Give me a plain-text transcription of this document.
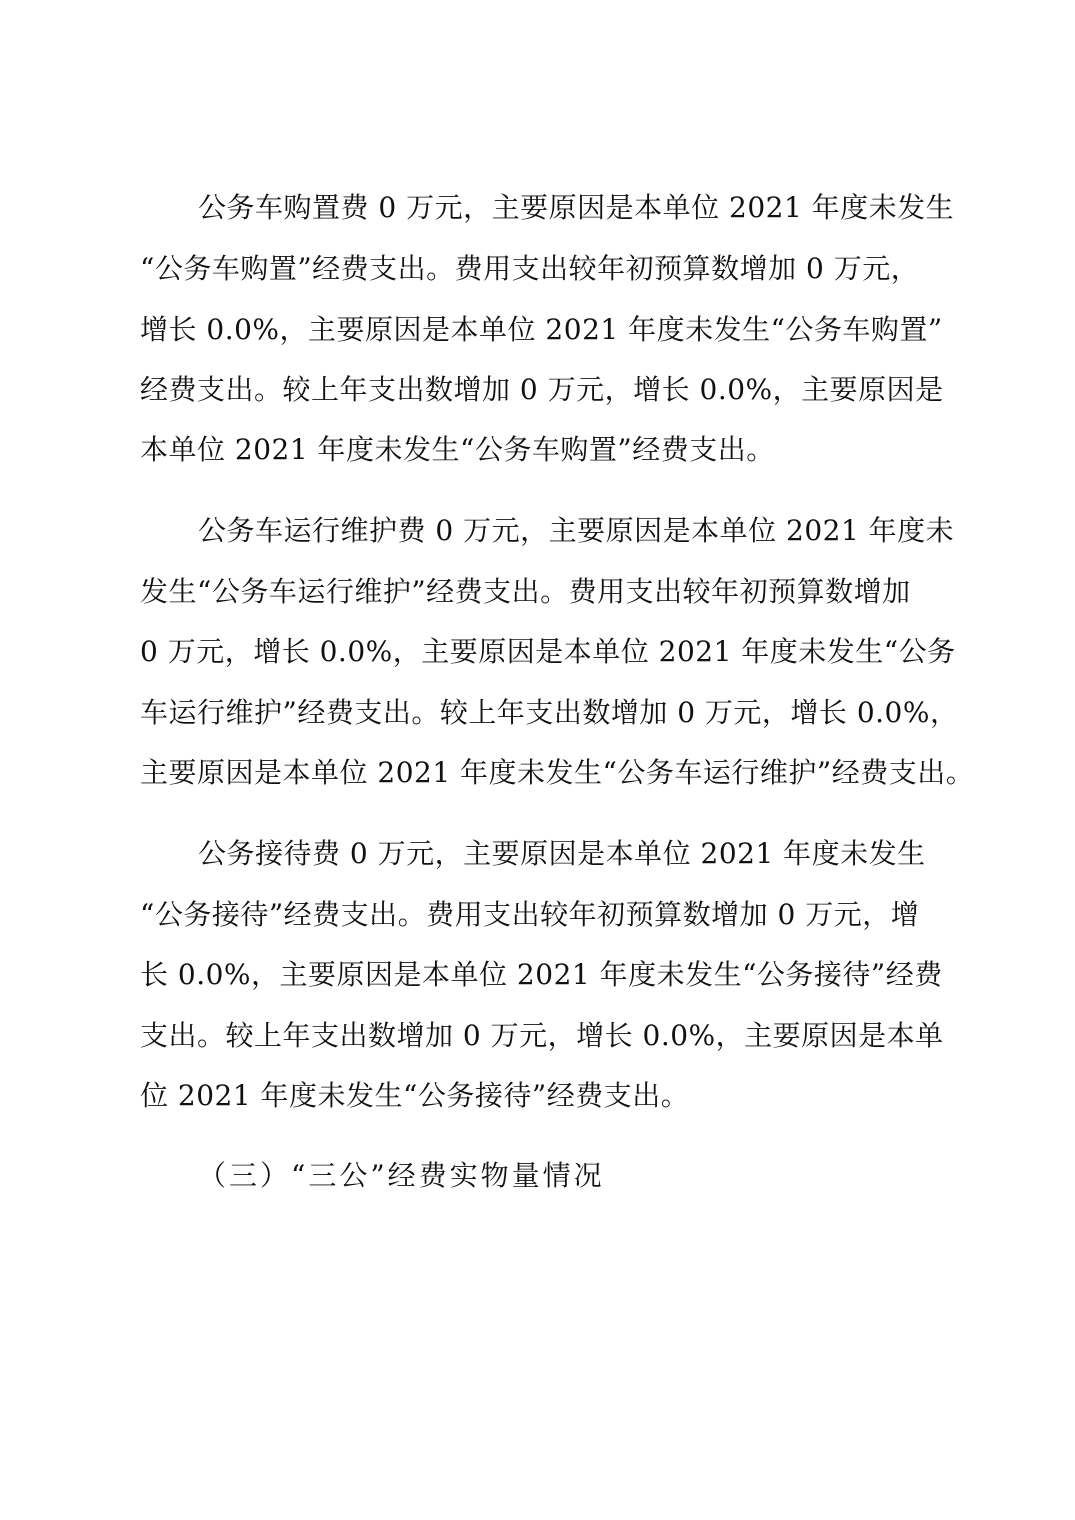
公务车购置费 0 万元，主要原因是本单位 2021 年度未发生

“公务车购置”经费支出。费用支出较年初预算数增加 0 万元，

增长 0.0%，主要原因是本单位 2021 年度未发生“公务车购置”

经费支出。较上年支出数增加 0 万元，增长 0.0%，主要原因是

本单位 2021 年度未发生“公务车购置”经费支出。

公务车运行维护费 0 万元，主要原因是本单位 2021 年度未

发生“公务车运行维护”经费支出。费用支出较年初预算数增加

0 万元，增长 0.0%，主要原因是本单位 2021 年度未发生“公务

车运行维护”经费支出。较上年支出数增加 0 万元，增长 0.0%，

主要原因是本单位 2021 年度未发生“公务车运行维护”经费支出。

公务接待费 0 万元，主要原因是本单位 2021 年度未发生

“公务接待”经费支出。费用支出较年初预算数增加 0 万元，增

长 0.0%，主要原因是本单位 2021 年度未发生“公务接待”经费

支出。较上年支出数增加 0 万元，增长 0.0%，主要原因是本单

位 2021 年度未发生“公务接待”经费支出。

（三）“三公”经费实物量情况
